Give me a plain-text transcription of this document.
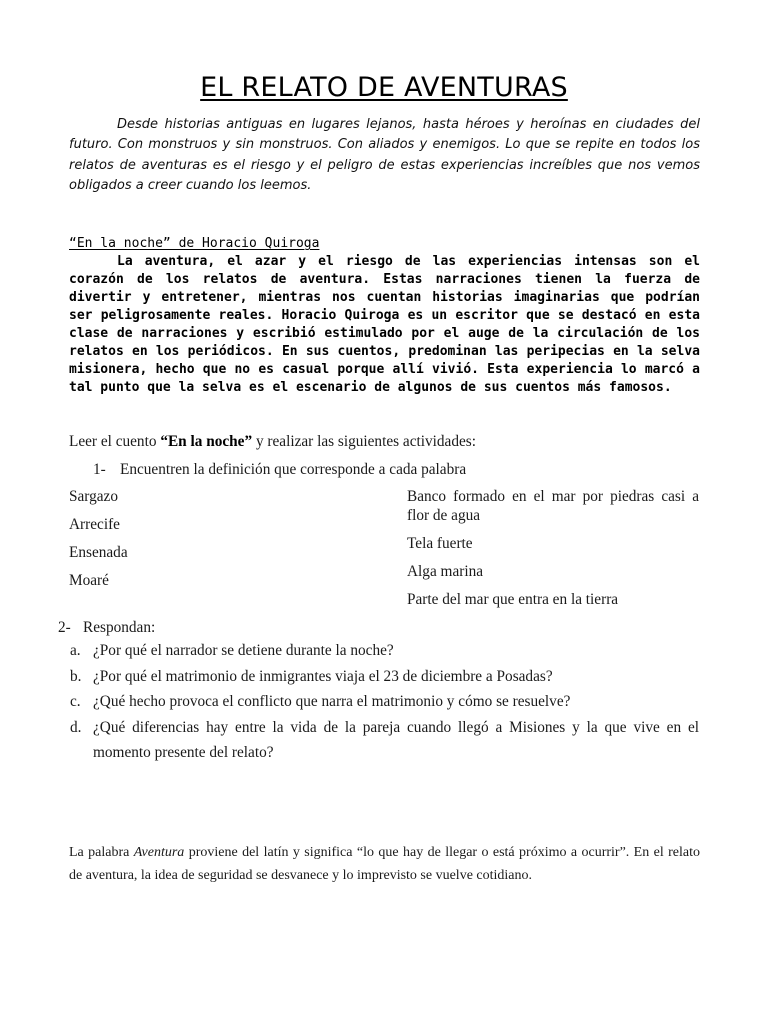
EL RELATO DE AVENTURAS
Desde historias antiguas en lugares lejanos, hasta héroes y heroínas en ciudades del
futuro. Con monstruos y sin monstruos. Con aliados y enemigos. Lo que se repite en todos los
relatos de aventuras es el riesgo y el peligro de estas experiencias increíbles que nos vemos
obligados a creer cuando los leemos.
“En la noche” de Horacio Quiroga
La aventura, el azar y el riesgo de las experiencias intensas son el
corazón de los relatos de aventura. Estas narraciones tienen la fuerza de
divertir y entretener, mientras nos cuentan historias imaginarias que podrían
ser peligrosamente reales. Horacio Quiroga es un escritor que se destacó en esta
clase de narraciones y escribió estimulado por el auge de la circulación de los
relatos en los periódicos. En sus cuentos, predominan las peripecias en la selva
misionera, hecho que no es casual porque allí vivió. Esta experiencia lo marcó a
tal punto que la selva es el escenario de algunos de sus cuentos más famosos.
Leer el cuento “En la noche” y realizar las siguientes actividades:
1- Encuentren la definición que corresponde a cada palabra
Sargazo
Arrecife
Ensenada
Moaré
Banco formado en el mar por piedras casi a
flor de agua
Tela fuerte
Alga marina
Parte del mar que entra en la tierra
2- Respondan:
a. ¿Por qué el narrador se detiene durante la noche?
b. ¿Por qué el matrimonio de inmigrantes viaja el 23 de diciembre a Posadas?
c. ¿Qué hecho provoca el conflicto que narra el matrimonio y cómo se resuelve?
d. ¿Qué diferencias hay entre la vida de la pareja cuando llegó a Misiones y la que vive en el
momento presente del relato?
La palabra Aventura proviene del latín y significa “lo que hay de llegar o está próximo a ocurrir”. En el relato
de aventura, la idea de seguridad se desvanece y lo imprevisto se vuelve cotidiano.
